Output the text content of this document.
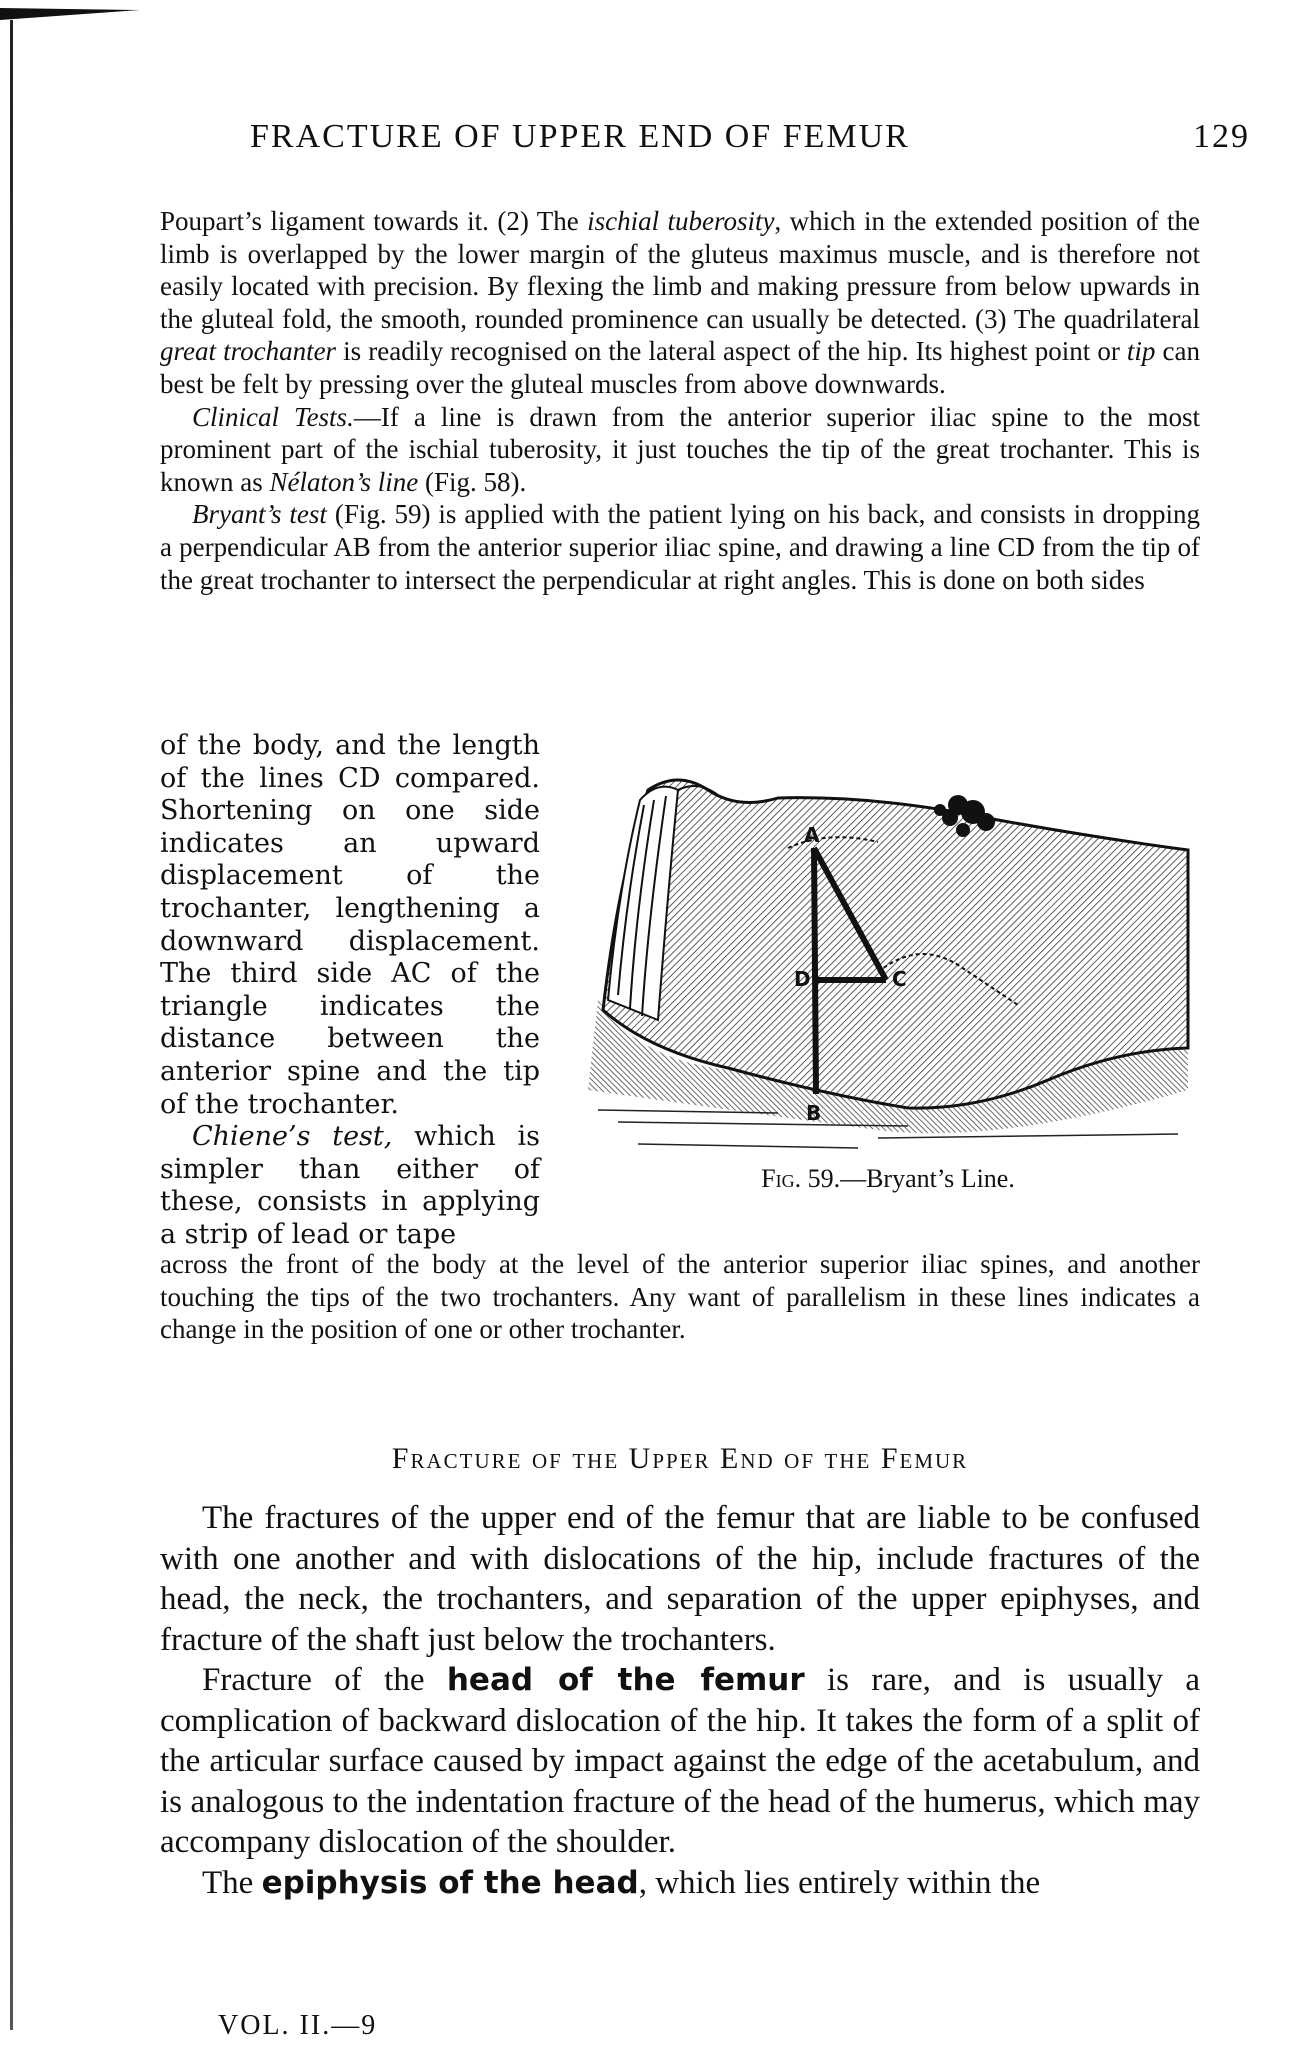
FRACTURE OF UPPER END OF FEMUR	129

Poupart’s ligament towards it. (2) The ischial tuberosity, which in the extended position of the limb is overlapped by the lower margin of the gluteus maximus muscle, and is therefore not easily located with precision. By flexing the limb and making pressure from below upwards in the gluteal fold, the smooth, rounded prominence can usually be detected. (3) The quadrilateral great trochanter is readily recognised on the lateral aspect of the hip. Its highest point or tip can best be felt by pressing over the gluteal muscles from above downwards.

Clinical Tests.—If a line is drawn from the anterior superior iliac spine to the most prominent part of the ischial tuberosity, it just touches the tip of the great trochanter. This is known as Nélaton’s line (Fig. 58).

Bryant’s test (Fig. 59) is applied with the patient lying on his back, and consists in dropping a perpendicular AB from the anterior superior iliac spine, and drawing a line CD from the tip of the great trochanter to intersect the perpendicular at right angles. This is done on both sides

of the body, and the length of the lines CD compared. Shortening on one side indicates an upward displacement of the trochanter, lengthening a downward displacement. The third side AC of the triangle indicates the distance between the anterior spine and the tip of the trochanter.

Chiene’s test, which is simpler than either of these, consists in applying a strip of lead or tape

A
B
C
D
Fig. 59.—Bryant’s Line.

across the front of the body at the level of the anterior superior iliac spines, and another touching the tips of the two trochanters. Any want of parallelism in these lines indicates a change in the position of one or other trochanter.

Fracture of the Upper End of the Femur

The fractures of the upper end of the femur that are liable to be confused with one another and with dislocations of the hip, include fractures of the head, the neck, the trochanters, and separation of the upper epiphyses, and fracture of the shaft just below the trochanters.

Fracture of the head of the femur is rare, and is usually a complication of backward dislocation of the hip. It takes the form of a split of the articular surface caused by impact against the edge of the acetabulum, and is analogous to the indentation fracture of the head of the humerus, which may accompany dislocation of the shoulder.

The epiphysis of the head, which lies entirely within the

VOL. II.—9
